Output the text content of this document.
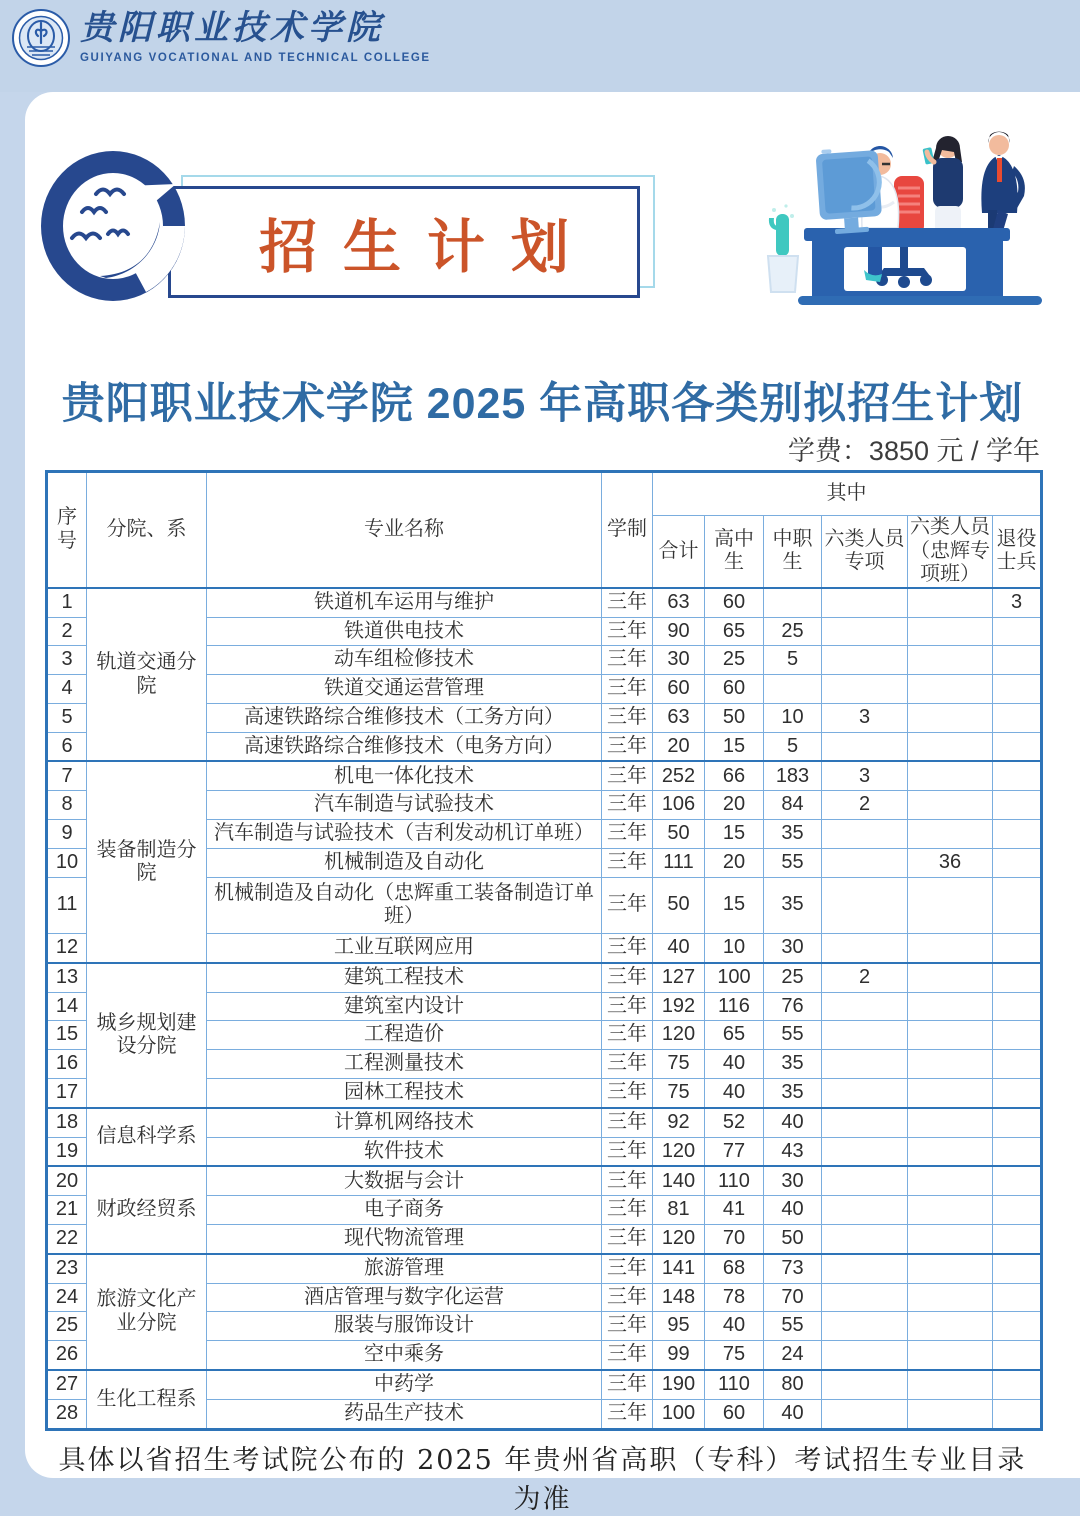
贵阳职业技术学院
GUIYANG VOCATIONAL AND TECHNICAL COLLEGE
招生计划
贵阳职业技术学院 2025 年高职各类别拟招生计划
学费：3850 元 / 学年
序号	分院、系	专业名称	学制	其中					
				合计	高中生	中职生	六类人员专项	六类人员（忠辉专项班）	退役士兵
1	轨道交通分院	铁道机车运用与维护	三年	63	60				3
2		铁道供电技术	三年	90	65	25			
3		动车组检修技术	三年	30	25	5			
4		铁道交通运营管理	三年	60	60				
5		高速铁路综合维修技术（工务方向）	三年	63	50	10	3		
6		高速铁路综合维修技术（电务方向）	三年	20	15	5			
7	装备制造分院	机电一体化技术	三年	252	66	183	3		
8		汽车制造与试验技术	三年	106	20	84	2		
9		汽车制造与试验技术（吉利发动机订单班）	三年	50	15	35			
10		机械制造及自动化	三年	111	20	55		36	
11		机械制造及自动化（忠辉重工装备制造订单班）	三年	50	15	35			
12		工业互联网应用	三年	40	10	30			
13	城乡规划建设分院	建筑工程技术	三年	127	100	25	2		
14		建筑室内设计	三年	192	116	76			
15		工程造价	三年	120	65	55			
16		工程测量技术	三年	75	40	35			
17		园林工程技术	三年	75	40	35			
18	信息科学系	计算机网络技术	三年	92	52	40			
19		软件技术	三年	120	77	43			
20	财政经贸系	大数据与会计	三年	140	110	30			
21		电子商务	三年	81	41	40			
22		现代物流管理	三年	120	70	50			
23	旅游文化产业分院	旅游管理	三年	141	68	73			
24		酒店管理与数字化运营	三年	148	78	70			
25		服装与服饰设计	三年	95	40	55			
26		空中乘务	三年	99	75	24			
27	生化工程系	中药学	三年	190	110	80			
28		药品生产技术	三年	100	60	40			
具体以省招生考试院公布的 2025 年贵州省高职（专科）考试招生专业目录为准
